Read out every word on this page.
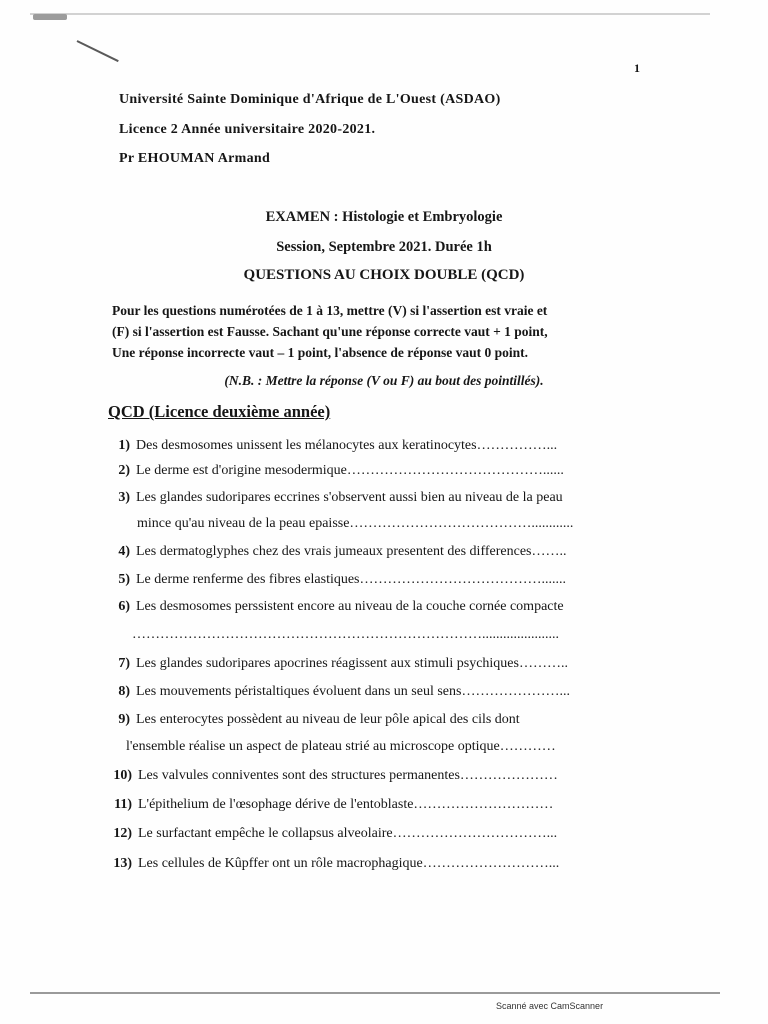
1
Université Sainte Dominique d'Afrique de L'Ouest (ASDAO)
Licence 2 Année universitaire 2020-2021.
Pr EHOUMAN Armand
EXAMEN : Histologie et Embryologie
Session, Septembre 2021. Durée 1h
QUESTIONS AU CHOIX DOUBLE (QCD)
Pour les questions numérotées de 1 à 13, mettre (V) si l'assertion est vraie et
(F) si l'assertion est Fausse. Sachant qu'une réponse correcte vaut + 1 point,
Une réponse incorrecte vaut – 1 point, l'absence de réponse vaut 0 point.
(N.B. : Mettre la réponse (V ou F) au bout des pointillés).
QCD (Licence deuxième année)
1) Des desmosomes unissent les mélanocytes aux keratinocytes……………...
2) Le derme est d'origine mesodermique……………………………………......
3) Les glandes sudoripares eccrines s'observent aussi bien au niveau de la peau
mince qu'au niveau de la peau epaisse…………………………………............
4) Les dermatoglyphes chez des vrais jumeaux presentent des differences……..
5) Le derme renferme des fibres elastiques………………………………….......
6) Les desmosomes perssistent encore au niveau de la couche cornée compacte
…………………………………………………………………......................
7) Les glandes sudoripares apocrines réagissent aux stimuli psychiques………..
8) Les mouvements péristaltiques évoluent dans un seul sens…………………...
9) Les enterocytes possèdent au niveau de leur pôle apical des cils dont
l'ensemble réalise un aspect de plateau strié au microscope optique…………
10) Les valvules conniventes sont des structures permanentes…………………
11) L'épithelium de l'œsophage dérive de l'entoblaste…………………………
12) Le surfactant empêche le collapsus alveolaire……………………………...
13) Les cellules de Kûpffer ont un rôle macrophagique………………………...
Scanné avec CamScanner
